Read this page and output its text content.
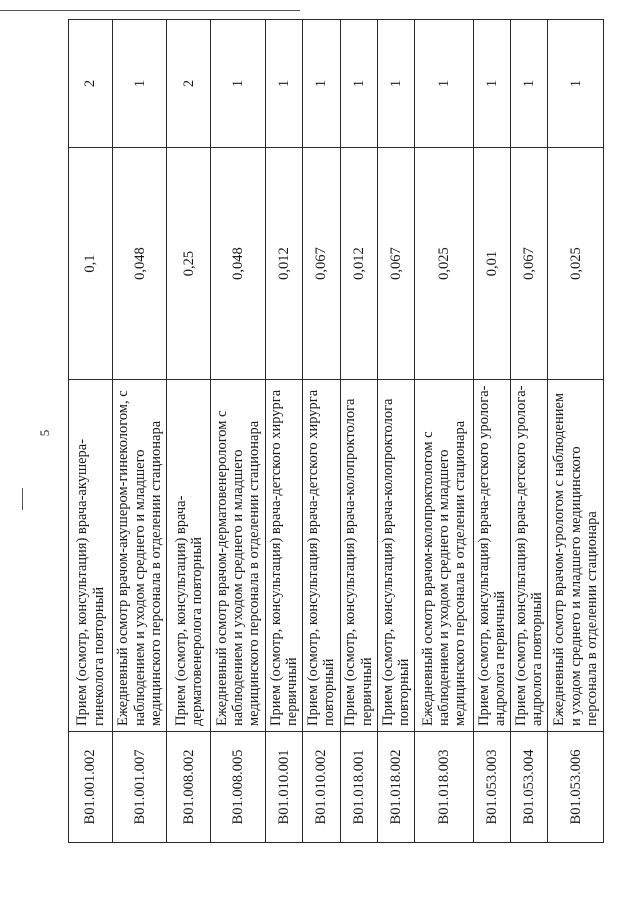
5
B01.001.002	Прием (осмотр, консультация) врача-акушера-гинеколога повторный	0,1	2
B01.001.007	Ежедневный осмотр врачом-акушером-гинекологом, с наблюдением и уходом среднего и младшего медицинского персонала в отделении стационара	0,048	1
B01.008.002	Прием (осмотр, консультация) врача-дерматовенеролога повторный	0,25	2
B01.008.005	Ежедневный осмотр врачом-дерматовенерологом с наблюдением и уходом среднего и младшего медицинского персонала в отделении стационара	0,048	1
B01.010.001	Прием (осмотр, консультация) врача-детского хирурга первичный	0,012	1
B01.010.002	Прием (осмотр, консультация) врача-детского хирурга повторный	0,067	1
B01.018.001	Прием (осмотр, консультация) врача-колопроктолога первичный	0,012	1
B01.018.002	Прием (осмотр, консультация) врача-колопроктолога повторный	0,067	1
B01.018.003	Ежедневный осмотр врачом-колопроктологом с наблюдением и уходом среднего и младшего медицинского персонала в отделении стационара	0,025	1
B01.053.003	Прием (осмотр, консультация) врача-детского уролога-андролога первичный	0,01	1
B01.053.004	Прием (осмотр, консультация) врача-детского уролога-андролога повторный	0,067	1
B01.053.006	Ежедневный осмотр врачом-урологом с наблюдением и уходом среднего и младшего медицинского персонала в отделении стационара	0,025	1
